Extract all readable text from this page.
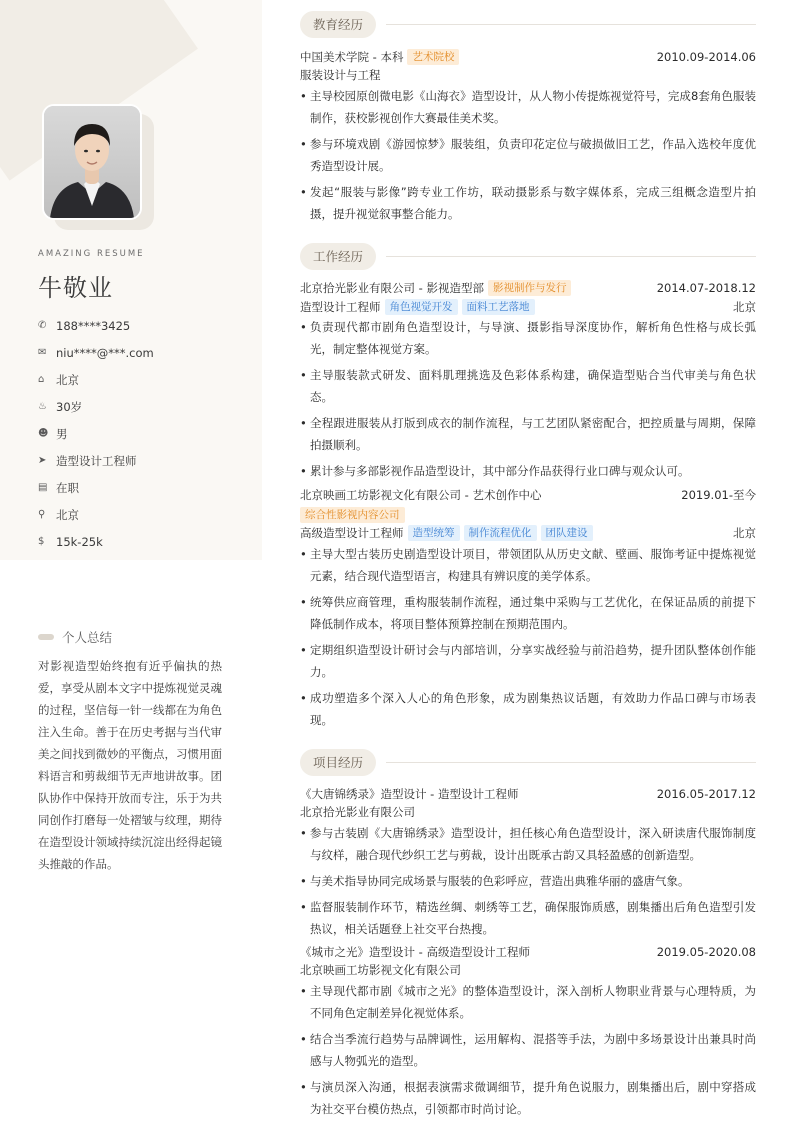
AMAZING RESUME
牛敬业
✆ 188****3425
✉ niu****@***.com
⌂	北京
♨ 30岁
☻ 男
➤ 造型设计工程师
▤ 在职
⚲ 北京
$	15k-25k
个人总结
对影视造型始终抱有近乎偏执的热爱，享受从剧本文字中提炼视觉灵魂的过程，坚信每一针一线都在为角色注入生命。善于在历史考据与当代审美之间找到微妙的平衡点，习惯用面料语言和剪裁细节无声地讲故事。团队协作中保持开放而专注，乐于为共同创作打磨每一处褶皱与纹理，期待在造型设计领域持续沉淀出经得起镜头推敲的作品。
教育经历
中国美术学院 - 本科 艺术院校	2010.09-2014.06
服装设计与工程
• 主导校园原创微电影《山海衣》造型设计，从人物小传提炼视觉符号，完成8套角色服装制作，获校影视创作大赛最佳美术奖。
• 参与环境戏剧《游园惊梦》服装组，负责印花定位与破损做旧工艺，作品入选校年度优秀造型设计展。
• 发起“服装与影像”跨专业工作坊，联动摄影系与数字媒体系，完成三组概念造型片拍摄，提升视觉叙事整合能力。
工作经历
北京拾光影业有限公司 - 影视造型部 影视制作与发行	2014.07-2018.12
造型设计工程师 角色视觉开发	面料工艺落地	北京
• 负责现代都市剧角色造型设计，与导演、摄影指导深度协作，解析角色性格与成长弧光，制定整体视觉方案。
• 主导服装款式研发、面料肌理挑选及色彩体系构建，确保造型贴合当代审美与角色状态。
• 全程跟进服装从打版到成衣的制作流程，与工艺团队紧密配合，把控质量与周期，保障拍摄顺利。
• 累计参与多部影视作品造型设计，其中部分作品获得行业口碑与观众认可。
北京映画工坊影视文化有限公司 - 艺术创作中心	2019.01-至今
综合性影视内容公司
高级造型设计工程师 造型统筹	制作流程优化	团队建设	北京
• 主导大型古装历史剧造型设计项目，带领团队从历史文献、壁画、服饰考证中提炼视觉元素，结合现代造型语言，构建具有辨识度的美学体系。
• 统筹供应商管理，重构服装制作流程，通过集中采购与工艺优化，在保证品质的前提下降低制作成本，将项目整体预算控制在预期范围内。
• 定期组织造型设计研讨会与内部培训，分享实战经验与前沿趋势，提升团队整体创作能力。
• 成功塑造多个深入人心的角色形象，成为剧集热议话题，有效助力作品口碑与市场表现。
项目经历
《大唐锦绣录》造型设计 - 造型设计工程师	2016.05-2017.12
北京拾光影业有限公司
• 参与古装剧《大唐锦绣录》造型设计，担任核心角色造型设计，深入研读唐代服饰制度与纹样，融合现代纱织工艺与剪裁，设计出既承古韵又具轻盈感的创新造型。
• 与美术指导协同完成场景与服装的色彩呼应，营造出典雅华丽的盛唐气象。
• 监督服装制作环节，精选丝绸、刺绣等工艺，确保服饰质感，剧集播出后角色造型引发热议，相关话题登上社交平台热搜。
《城市之光》造型设计 - 高级造型设计工程师	2019.05-2020.08
北京映画工坊影视文化有限公司
• 主导现代都市剧《城市之光》的整体造型设计，深入剖析人物职业背景与心理特质，为不同角色定制差异化视觉体系。
• 结合当季流行趋势与品牌调性，运用解构、混搭等手法，为剧中多场景设计出兼具时尚感与人物弧光的造型。
• 与演员深入沟通，根据表演需求微调细节，提升角色说服力，剧集播出后，剧中穿搭成为社交平台模仿热点，引领都市时尚讨论。
